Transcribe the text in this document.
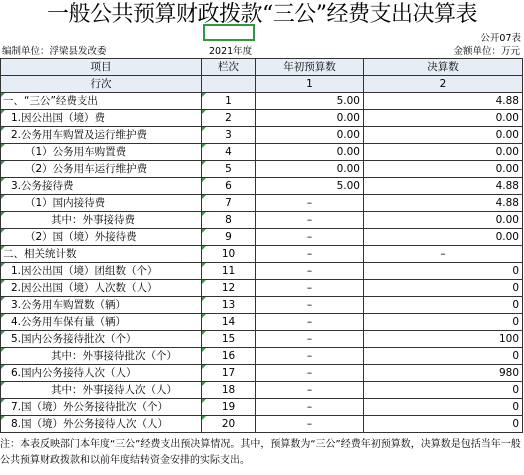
一般公共预算财政拨款“三公”经费支出决算表
公开07表
编制单位：浮梁县发改委	2021年度	金额单位：万元
项目	栏次	年初预算数	决算数
行次		1	2
一、“三公”经费支出	1	5.00	4.88
1.因公出国（境）费	2	0.00	0.00
2.公务用车购置及运行维护费	3	0.00	0.00
（1）公务用车购置费	4	0.00	0.00
（2）公务用车运行维护费	5	0.00	0.00
3.公务接待费	6	5.00	4.88
（1）国内接待费	7	–	4.88
其中：外事接待费	8	–	0.00
（2）国（境）外接待费	9	–	0.00
二、相关统计数	10	–	–
1.因公出国（境）团组数（个）	11	–	0
2.因公出国（境）人次数（人）	12	–	0
3.公务用车购置数（辆）	13	–	0
4.公务用车保有量（辆）	14	–	0
5.国内公务接待批次（个）	15	–	100
其中：外事接待批次（个）	16	–	0
6.国内公务接待人次（人）	17	–	980
其中：外事接待人次（人）	18	–	0
7.国（境）外公务接待批次（个）	19	–	0
8.国（境）外公务接待人次（人）	20	–	0
注：本表反映部门本年度“三公”经费支出预决算情况。其中，预算数为“三公”经费年初预算数，决算数是包括当年一般公共预算财政拨款和以前年度结转资金安排的实际支出。
